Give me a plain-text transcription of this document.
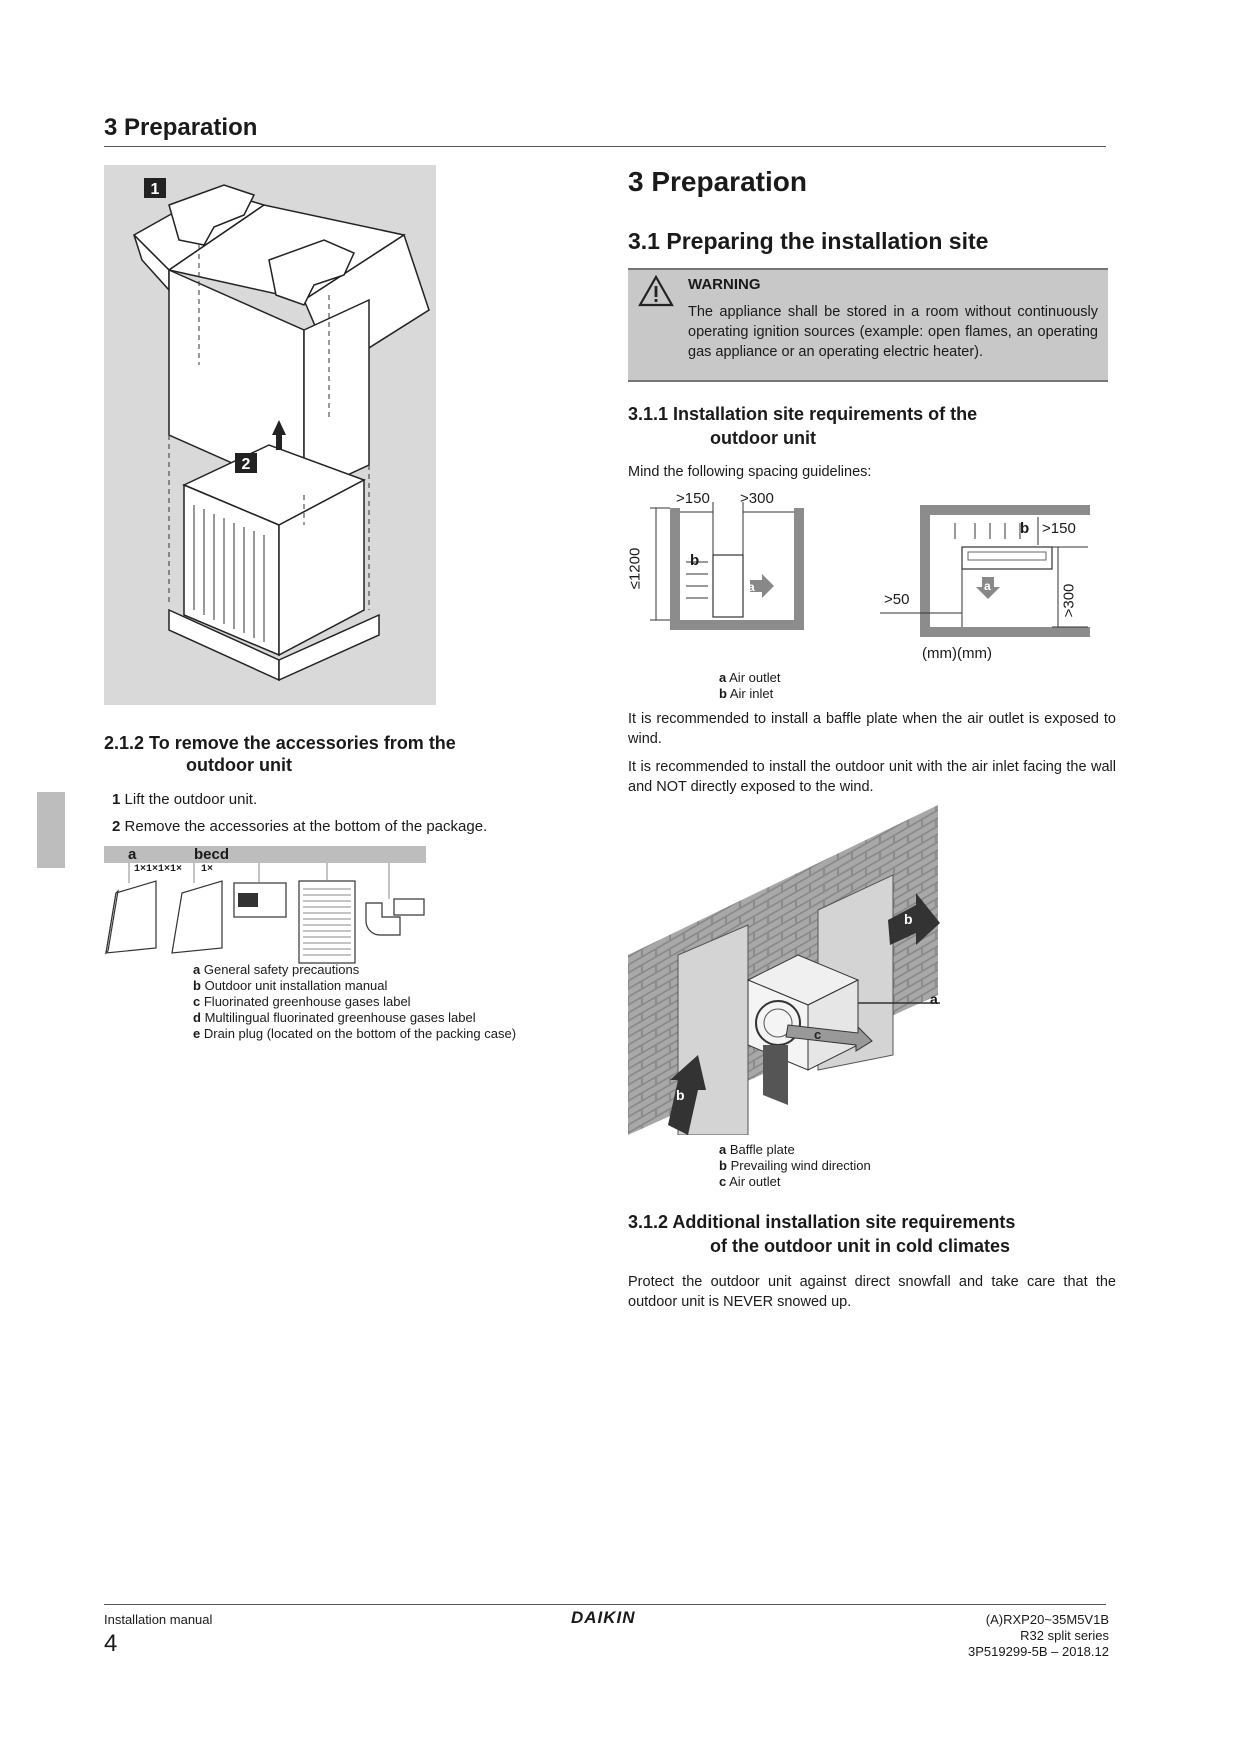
3 Preparation
1
2
2.1.2 To remove the accessories from the
outdoor unit
1 Lift the outdoor unit.
2 Remove the accessories at the bottom of the package.
a	becd
1×1×1×1× 1×
a General safety precautions
b Outdoor unit installation manual
c Fluorinated greenhouse gases label
d Multilingual fluorinated greenhouse gases label
e Drain plug (located on the bottom of the packing case)
3 Preparation
3.1 Preparing the installation site
WARNING
The appliance shall be stored in a room without continuously operating ignition sources (example: open flames, an operating gas appliance or an operating electric heater).
3.1.1 Installation site requirements of the
outdoor unit
Mind the following spacing guidelines:
>150 >300
≤1200	b
a
b >150
>50	>300
a
(mm)(mm)
a Air outlet
b Air inlet
It is recommended to install a baffle plate when the air outlet is exposed to wind.
It is recommended to install the outdoor unit with the air inlet facing the wall and NOT directly exposed to the wind.
a
b
b
c
a Baffle plate
b Prevailing wind direction
c Air outlet
3.1.2 Additional installation site requirements
of the outdoor unit in cold climates
Protect the outdoor unit against direct snowfall and take care that the outdoor unit is NEVER snowed up.
Installation manual
4
DAIKIN	(A)RXP20~35M5V1B
R32 split series
3P519299-5B – 2018.12
